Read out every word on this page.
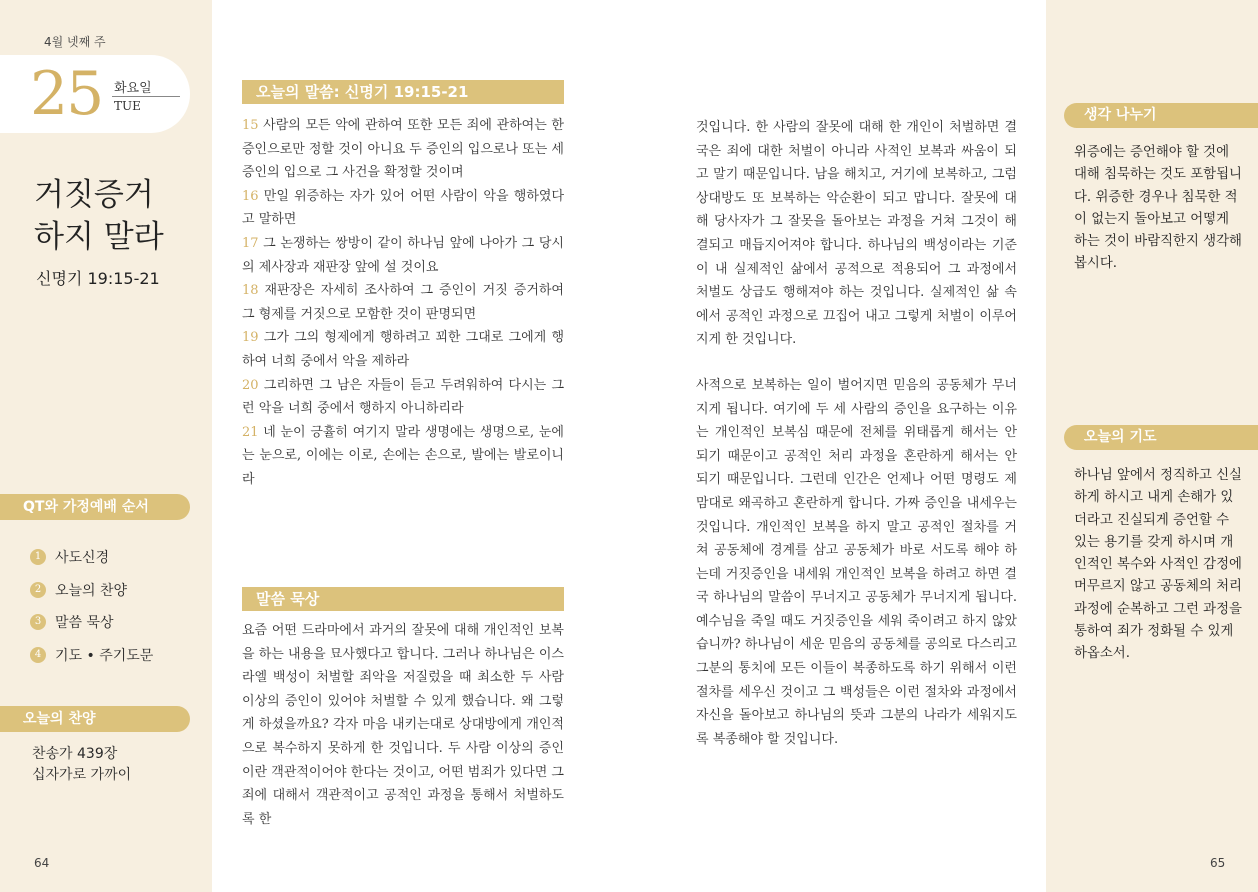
4월 넷째 주
25 화요일
TUE
거짓증거
하지 말라
신명기 19:15-21
QT와 가정예배 순서
1 사도신경
2 오늘의 찬양
3 말씀 묵상
4 기도 • 주기도문
오늘의 찬양
찬송가 439장
십자가로 가까이
64	65
오늘의 말씀: 신명기 19:15-21

15 사람의 모든 악에 관하여 또한 모든 죄에 관하여는 한 증인으로만 정할 것이 아니요 두 증인의 입으로나 또는 세 증인의 입으로 그 사건을 확정할 것이며

16 만일 위증하는 자가 있어 어떤 사람이 악을 행하였다고 말하면

17 그 논쟁하는 쌍방이 같이 하나님 앞에 나아가 그 당시의 제사장과 재판장 앞에 설 것이요

18 재판장은 자세히 조사하여 그 증인이 거짓 증거하여 그 형제를 거짓으로 모함한 것이 판명되면

19 그가 그의 형제에게 행하려고 꾀한 그대로 그에게 행하여 너희 중에서 악을 제하라

20 그리하면 그 남은 자들이 듣고 두려워하여 다시는 그런 악을 너희 중에서 행하지 아니하리라

21 네 눈이 긍휼히 여기지 말라 생명에는 생명으로, 눈에는 눈으로, 이에는 이로, 손에는 손으로, 발에는 발로이니라

말씀 묵상

요즘 어떤 드라마에서 과거의 잘못에 대해 개인적인 보복을 하는 내용을 묘사했다고 합니다. 그러나 하나님은 이스라엘 백성이 처벌할 죄악을 저질렀을 때 최소한 두 사람 이상의 증인이 있어야 처벌할 수 있게 했습니다. 왜 그렇게 하셨을까요? 각자 마음 내키는대로 상대방에게 개인적으로 복수하지 못하게 한 것입니다. 두 사람 이상의 증인이란 객관적이어야 한다는 것이고, 어떤 범죄가 있다면 그 죄에 대해서 객관적이고 공적인 과정을 통해서 처벌하도록 한

것입니다. 한 사람의 잘못에 대해 한 개인이 처벌하면 결국은 죄에 대한 처벌이 아니라 사적인 보복과 싸움이 되고 말기 때문입니다. 남을 해치고, 거기에 보복하고, 그럼 상대방도 또 보복하는 악순환이 되고 맙니다. 잘못에 대해 당사자가 그 잘못을 돌아보는 과정을 거쳐 그것이 해결되고 매듭지어져야 합니다. 하나님의 백성이라는 기준이 내 실제적인 삶에서 공적으로 적용되어 그 과정에서 처벌도 상급도 행해져야 하는 것입니다. 실제적인 삶 속에서 공적인 과정으로 끄집어 내고 그렇게 처벌이 이루어지게 한 것입니다.

사적으로 보복하는 일이 벌어지면 믿음의 공동체가 무너지게 됩니다. 여기에 두 세 사람의 증인을 요구하는 이유는 개인적인 보복심 때문에 전체를 위태롭게 해서는 안 되기 때문이고 공적인 처리 과정을 혼란하게 해서는 안 되기 때문입니다. 그런데 인간은 언제나 어떤 명령도 제 맘대로 왜곡하고 혼란하게 합니다. 가짜 증인을 내세우는 것입니다. 개인적인 보복을 하지 말고 공적인 절차를 거쳐 공동체에 경계를 삼고 공동체가 바로 서도록 해야 하는데 거짓증인을 내세워 개인적인 보복을 하려고 하면 결국 하나님의 말씀이 무너지고 공동체가 무너지게 됩니다. 예수님을 죽일 때도 거짓증인을 세워 죽이려고 하지 않았습니까? 하나님이 세운 믿음의 공동체를 공의로 다스리고 그분의 통치에 모든 이들이 복종하도록 하기 위해서 이런 절차를 세우신 것이고 그 백성들은 이런 절차와 과정에서 자신을 돌아보고 하나님의 뜻과 그분의 나라가 세워지도록 복종해야 할 것입니다.

생각 나누기
위증에는 증언해야 할 것에 대해 침묵하는 것도 포함됩니다. 위증한 경우나 침묵한 적이 없는지 돌아보고 어떻게 하는 것이 바람직한지 생각해 봅시다.
오늘의 기도
하나님 앞에서 정직하고 신실하게 하시고 내게 손해가 있더라고 진실되게 증언할 수 있는 용기를 갖게 하시며 개인적인 복수와 사적인 감정에 머무르지 않고 공동체의 처리과정에 순복하고 그런 과정을 통하여 죄가 정화될 수 있게 하옵소서.
